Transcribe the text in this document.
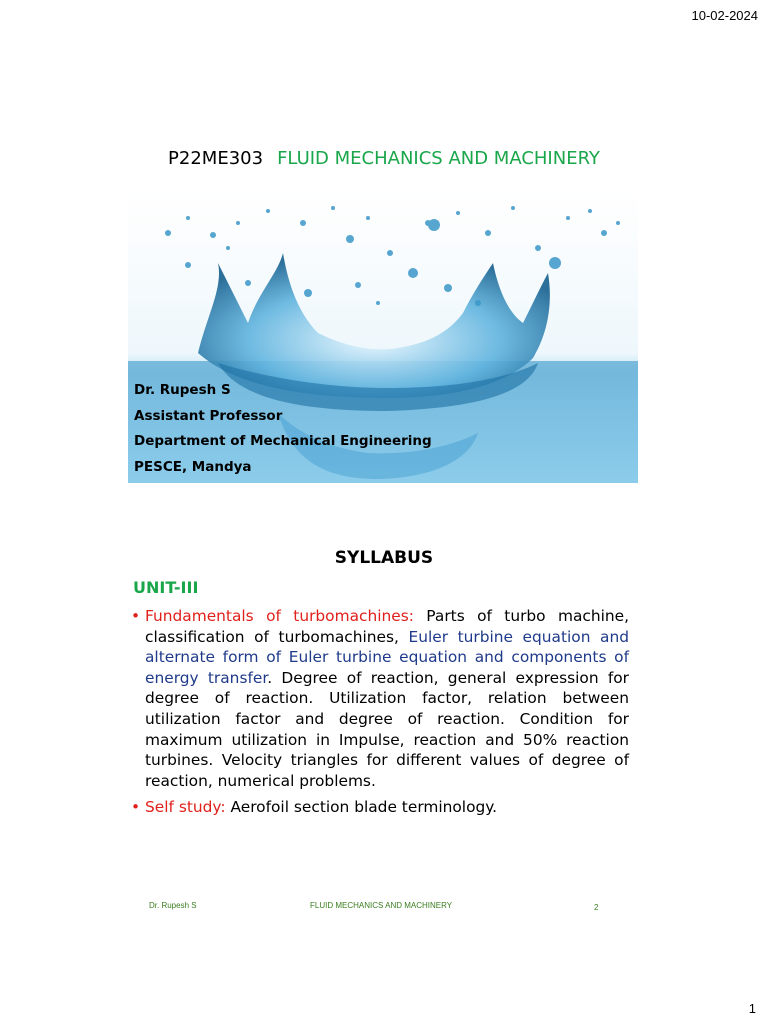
10-02-2024
P22ME303 FLUID MECHANICS AND MACHINERY
Dr. Rupesh S
Assistant Professor
Department of Mechanical Engineering
PESCE, Mandya
SYLLABUS
UNIT-III
• Fundamentals of turbomachines: Parts of turbo machine, classification of turbomachines, Euler turbine equation and alternate form of Euler turbine equation and components of energy transfer. Degree of reaction, general expression for degree of reaction. Utilization factor, relation between utilization factor and degree of reaction. Condition for maximum utilization in Impulse, reaction and 50% reaction turbines. Velocity triangles for different values of degree of reaction, numerical problems.
• Self study: Aerofoil section blade terminology.
Dr. Rupesh S	FLUID MECHANICS AND MACHINERY	2
1
